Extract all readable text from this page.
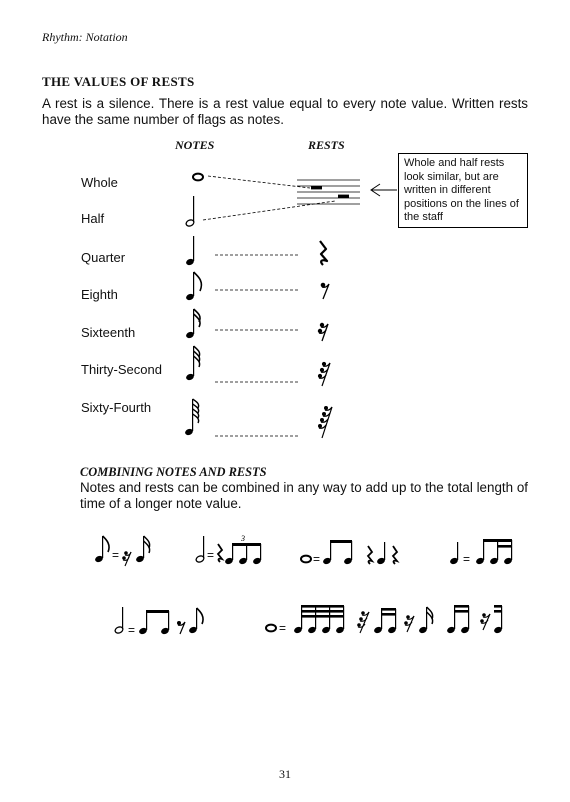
Rhythm: Notation
THE VALUES OF RESTS
A rest is a silence. There is a rest value equal to every note value. Written rests have the same number of flags as notes.
NOTES	RESTS
Whole
Half
Quarter
Eighth
Sixteenth
Thirty-Second
Sixty-Fourth
Whole and half rests look similar, but are written in different positions on the lines of the staff
=	=
3
=	=
=	=
COMBINING NOTES AND RESTS
Notes and rests can be combined in any way to add up to the total length of time of a longer note value.
31
